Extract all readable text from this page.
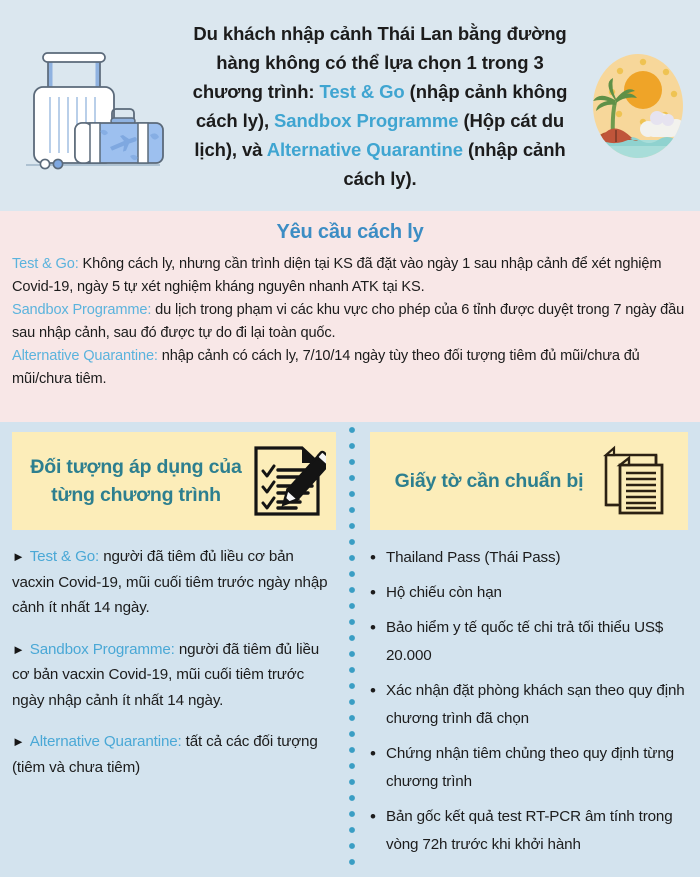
Du khách nhập cảnh Thái Lan bằng đường hàng không có thể lựa chọn 1 trong 3 chương trình: Test & Go (nhập cảnh không cách ly), Sandbox Programme (Hộp cát du lịch), và Alternative Quarantine (nhập cảnh cách ly).
Yêu cầu cách ly

Test & Go: Không cách ly, nhưng cần trình diện tại KS đã đặt vào ngày 1 sau nhập cảnh để xét nghiệm Covid-19, ngày 5 tự xét nghiệm kháng nguyên nhanh ATK tại KS.

Sandbox Programme: du lịch trong phạm vi các khu vực cho phép của 6 tỉnh được duyệt trong 7 ngày đầu sau nhập cảnh, sau đó được tự do đi lại toàn quốc.

Alternative Quarantine: nhập cảnh có cách ly, 7/10/14 ngày tùy theo đối tượng tiêm đủ mũi/chưa đủ mũi/chưa tiêm.

Đối tượng áp dụng của từng chương trình
► Test & Go: người đã tiêm đủ liều cơ bản vacxin Covid-19, mũi cuối tiêm trước ngày nhập cảnh ít nhất 14 ngày.
► Sandbox Programme: người đã tiêm đủ liều cơ bản vacxin Covid-19, mũi cuối tiêm trước ngày nhập cảnh ít nhất 14 ngày.
► Alternative Quarantine: tất cả các đối tượng (tiêm và chưa tiêm)
Giấy tờ cần chuẩn bị
• Thailand Pass (Thái Pass)
• Hộ chiếu còn hạn
• Bảo hiểm y tế quốc tế chi trả tối thiểu US$ 20.000
• Xác nhận đặt phòng khách sạn theo quy định chương trình đã chọn
• Chứng nhận tiêm chủng theo quy định từng chương trình
• Bản gốc kết quả test RT-PCR âm tính trong vòng 72h trước khi khởi hành
